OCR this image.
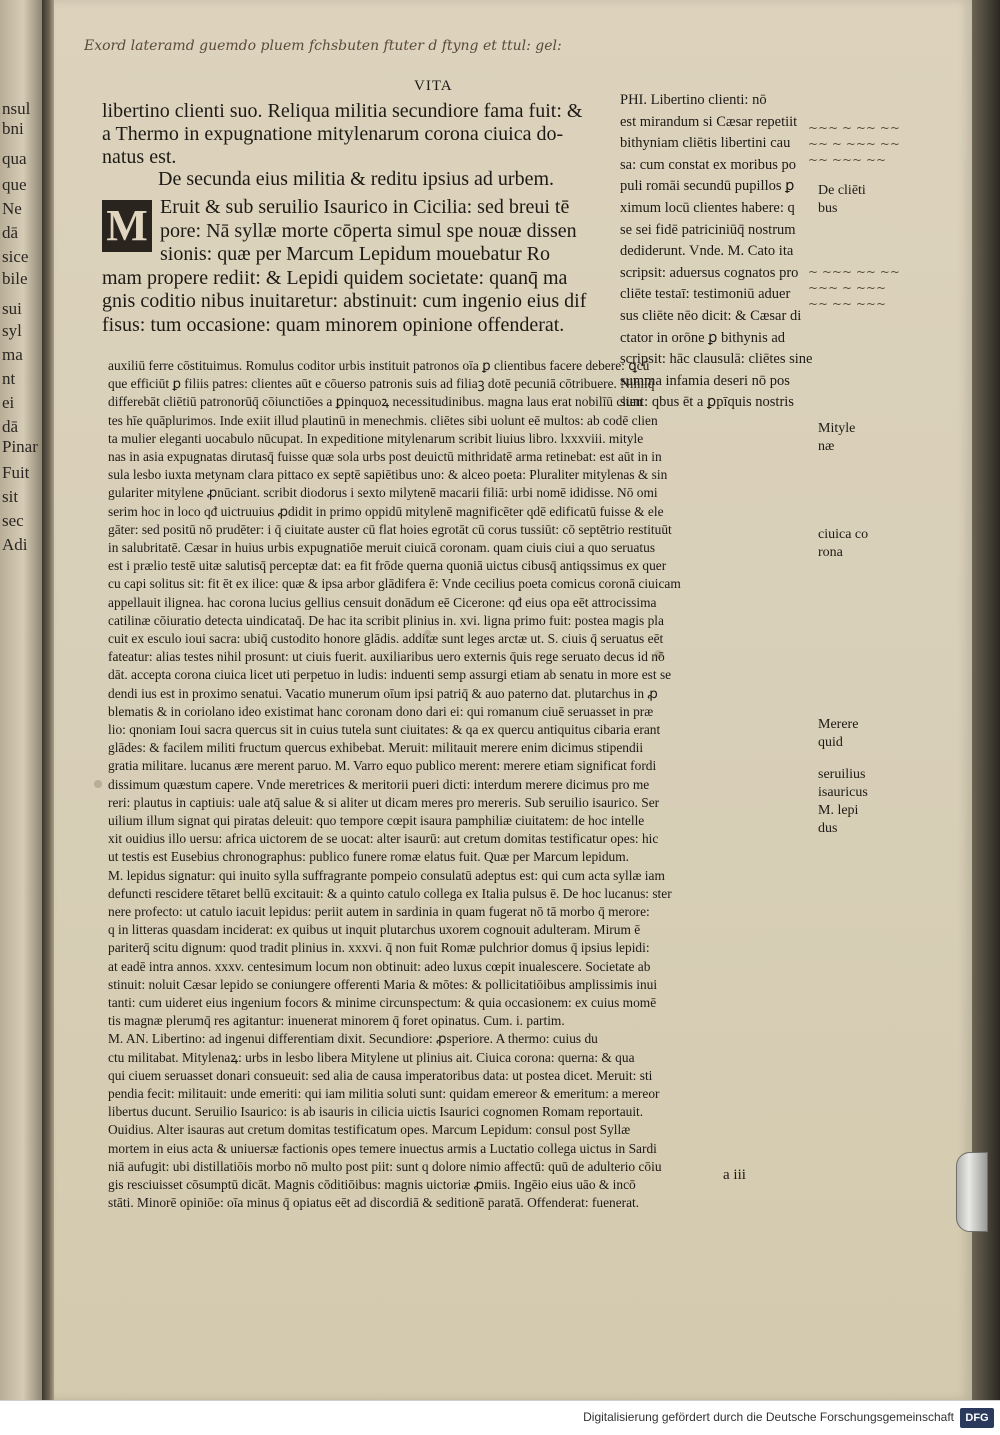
nsul
bni
qua
que
Ne
dā
sice
bile
sui
syl
ma
nt
ei
dā
Pinar
Fuit
sit
sec
Adi
Exord lateramd guemdo pluem fchsbuten ftuter d ftyng et ttul: gel:
VITA
libertino clienti suo. Reliqua militia secundiore fama fuit: &
a Thermo in expugnatione mitylenarum corona ciuica do-
natus est.
De secunda eius militia & reditu ipsius ad urbem.
M Eruit & sub seruilio Isaurico in Cicilia: sed breui tē
pore: Nā syllæ morte cōperta simul spe nouæ dissen
sionis: quæ per Marcum Lepidum mouebatur Ro
mam propere rediit: & Lepidi quidem societate: quanq̄ ma
gnis coditio nibus inuitaretur: abstinuit: cum ingenio eius dif
fisus: tum occasione: quam minorem opinione offenderat.
PHI. Libertino clienti: nō
est mirandum si Cæsar repetiit
bithyniam cliētis libertini cau
sa: cum constat ex moribus po
puli romāi secundū pupillos ꝑ
ximum locū clientes habere: q
se sei fidē patriciniūq̄ nostrum
dediderunt. Vnde. M. Cato ita
scripsit: aduersus cognatos pro
cliēte testaī: testimoniū aduer
sus cliēte nēo dicit: & Cæsar di
ctator in orōne ꝑ bithynis ad
scripsit: hāc clausulā: cliētes sine
summa infamia deseri nō pos
sunt: qbus ēt a ꝑpīquis nostris
auxiliū ferre cōstituimus. Romulus coditor urbis instituit patronos oīa ꝑ clientibus facere debere: ꝗcū
que efficiūt ꝑ filiis patres: clientes aūt e cōuerso patronis suis ad filiaꝫ dotē pecuniā cōtribuere. Nihilq̄
differebāt cliētiū patronorūq̄ cōiunctiōes a ꝑpinquoꝝ necessitudinibus. magna laus erat nobilīū clien
tes hīe quāplurimos. Inde exiit illud plautinū in menechmis. cliētes sibi uolunt eē multos: ab codē clien
ta mulier eleganti uocabulo nūcupat. In expeditione mitylenarum scribit liuius libro. lxxxviii. mityle
nas in asia expugnatas dirutasq̄ fuisse quæ sola urbs post deuictū mithridatē arma retinebat: est aūt in in
sula lesbo iuxta metynam clara pittaco ex septē sapiētibus uno: & alceo poeta: Pluraliter mitylenas & sin
gulariter mitylene ꝓnūciant. scribit diodorus i sexto milytenē macarii filiā: urbi nomē ididisse. Nō omi
serim hoc in loco qđ uictruuius ꝓdidit in primo oppidū mitylenē magnificēter qdē edificatū fuisse & ele
gāter: sed positū nō prudēter: i q̄ ciuitate auster cū flat hoies egrotāt cū corus tussiūt: cō septētrio restituūt
in salubritatē. Cæsar in huius urbis expugnatiōe meruit ciuicā coronam. quam ciuis ciui a quo seruatus
est i prælio testē uitæ salutisq̄ perceptæ dat: ea fit frōde querna quoniā uictus cibusq̄ antiqssimus ex quer
cu capi solitus sit: fit ēt ex ilice: quæ & ipsa arbor glādifera ē: Vnde cecilius poeta comicus coronā ciuicam
appellauit ilignea. hac corona lucius gellius censuit donādum eē Cicerone: qđ eius opa eēt attrocissima
catilinæ cōiuratio detecta uindicataq̄. De hac ita scribit plinius in. xvi. ligna primo fuit: postea magis pla
cuit ex esculo ioui sacra: ubiq̄ custodito honore glādis. additæ sunt leges arctæ ut. S. ciuis q̄ seruatus eēt
fateatur: alias testes nihil prosunt: ut ciuis fuerit. auxiliaribus uero externis q̄uis rege seruato decus id nō
dāt. accepta corona ciuica licet uti perpetuo in ludis: induenti semp assurgi etiam ab senatu in more est se
dendi ius est in proximo senatui. Vacatio munerum oīum ipsi patriq̄ & auo paterno dat. plutarchus in ꝓ
blematis & in coriolano ideo existimat hanc coronam dono dari ei: qui romanum ciuē seruasset in præ
lio: qnoniam Ioui sacra quercus sit in cuius tutela sunt ciuitates: & qa ex quercu antiquitus cibaria erant
glādes: & facilem militi fructum quercus exhibebat. Meruit: militauit merere enim dicimus stipendii
gratia militare. lucanus ære merent paruo. M. Varro equo publico merent: merere etiam significat fordi
dissimum quæstum capere. Vnde meretrices & meritorii pueri dicti: interdum merere dicimus pro me
reri: plautus in captiuis: uale atq̄ salue & si aliter ut dicam meres pro mereris. Sub seruilio isaurico. Ser
uilium illum signat qui piratas deleuit: quo tempore cœpit isaura pamphiliæ ciuitatem: de hoc intelle
xit ouidius illo uersu: africa uictorem de se uocat: alter isaurū: aut cretum domitas testificatur opes: hic
ut testis est Eusebius chronographus: publico funere romæ elatus fuit. Quæ per Marcum lepidum.
M. lepidus signatur: qui inuito sylla suffragrante pompeio consulatū adeptus est: qui cum acta syllæ iam
defuncti rescidere tētaret bellū excitauit: & a quinto catulo collega ex Italia pulsus ē. De hoc lucanus: ster
nere profecto: ut catulo iacuit lepidus: periit autem in sardinia in quam fugerat nō tā morbo q̄ merore:
q in litteras quasdam inciderat: ex quibus ut inquit plutarchus uxorem cognouit adulteram. Mirum ē
pariterq̄ scitu dignum: quod tradit plinius in. xxxvi. q̄ non fuit Romæ pulchrior domus q̄ ipsius lepidi:
at eadē intra annos. xxxv. centesimum locum non obtinuit: adeo luxus cœpit inualescere. Societate ab
stinuit: noluit Cæsar lepido se coniungere offerenti Maria & mōtes: & pollicitatiōibus amplissimis inui
tanti: cum uideret eius ingenium focors & minime circunspectum: & quia occasionem: ex cuius momē
tis magnæ plerumq̄ res agitantur: inuenerat minorem q̄ foret opinatus. Cum. i. partim.
M. AN. Libertino: ad ingenui differentiam dixit. Secundiore: ꝓsperiore. A thermo: cuius du
ctu militabat. Mitylenaꝝ: urbs in lesbo libera Mitylene ut plinius ait. Ciuica corona: querna: & qua
qui ciuem seruasset donari consueuit: sed alia de causa imperatoribus data: ut postea dicet. Meruit: sti
pendia fecit: militauit: unde emeriti: qui iam militia soluti sunt: quidam emereor & emeritum: a mereor
libertus ducunt. Seruilio Isaurico: is ab isauris in cilicia uictis Isaurici cognomen Romam reportauit.
Ouidius. Alter isauras aut cretum domitas testificatum opes. Marcum Lepidum: consul post Syllæ
mortem in eius acta & uniuersæ factionis opes temere inuectus armis a Luctatio collega uictus in Sardi
niā aufugit: ubi distillatiōis morbo nō multo post piit: sunt q dolore nimio affectū: quū de adulterio cōiu
gis resciuisset cōsumptū dicāt. Magnis cōditiōibus: magnis uictoriæ ꝓmiis. Ingēio eius uāo & incō
stāti. Minorē opiniōe: oīa minus q̄ opiatus eēt ad discordiā & seditionē paratā. Offenderat: fuenerat.
De cliēti
bus
Mityle
næ
ciuica co
rona
Merere
quid
seruilius
isauricus
M. lepi
dus
~~~ ~ ~~ ~~
~~ ~ ~~~ ~~
~~ ~~~ ~~
~ ~~~ ~~ ~~
~~~ ~ ~~~
~~ ~~ ~~~
a iii
Digitalisierung gefördert durch die Deutsche Forschungsgemeinschaft	DFG
